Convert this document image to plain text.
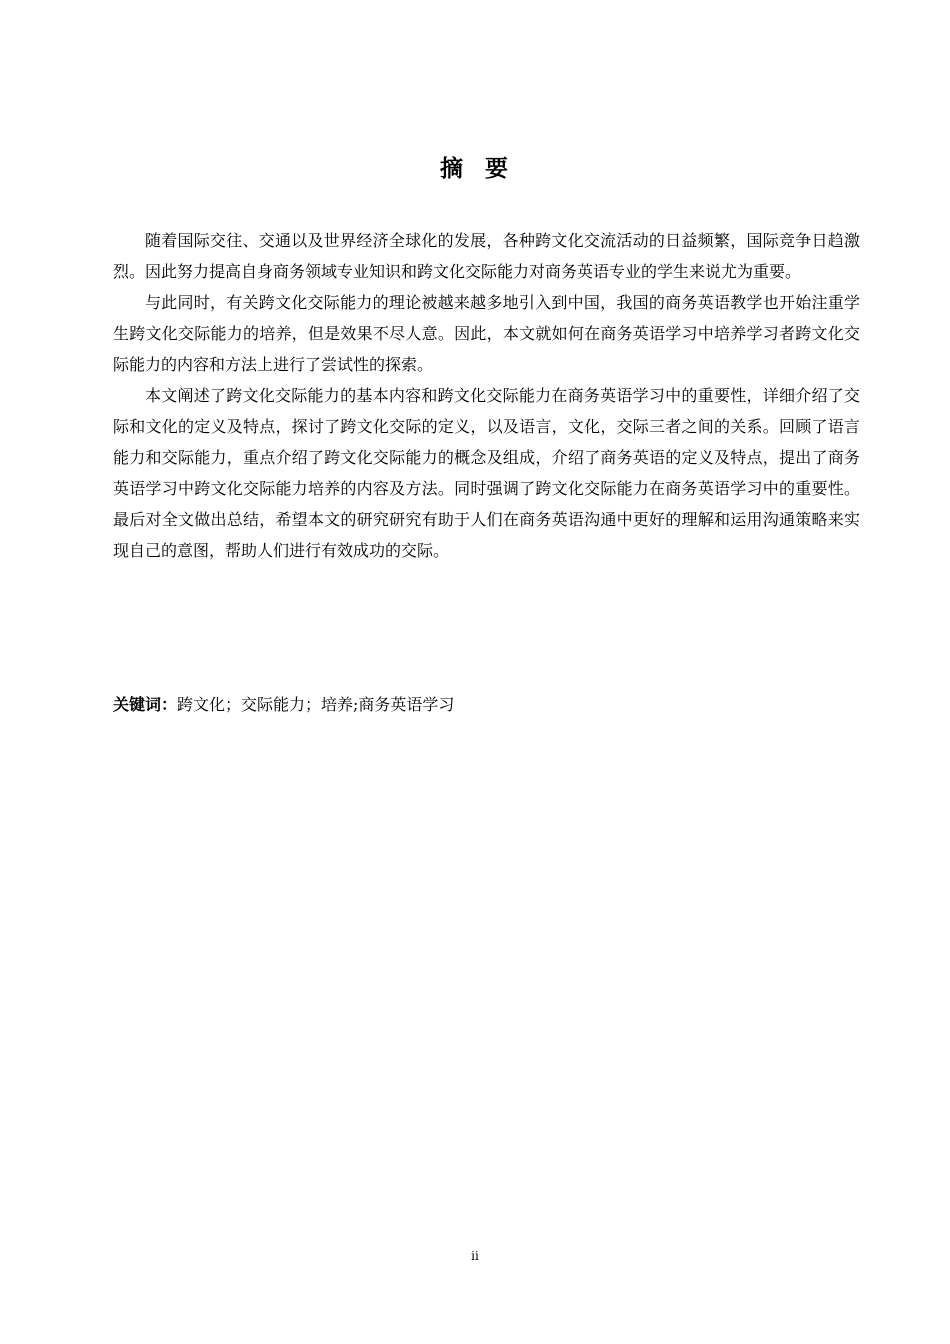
摘 要

随着国际交往、交通以及世界经济全球化的发展，各种跨文化交流活动的日益频繁，国际竞争日趋激烈。因此努力提高自身商务领域专业知识和跨文化交际能力对商务英语专业的学生来说尤为重要。

与此同时，有关跨文化交际能力的理论被越来越多地引入到中国，我国的商务英语教学也开始注重学生跨文化交际能力的培养，但是效果不尽人意。因此，本文就如何在商务英语学习中培养学习者跨文化交际能力的内容和方法上进行了尝试性的探索。

本文阐述了跨文化交际能力的基本内容和跨文化交际能力在商务英语学习中的重要性，详细介绍了交际和文化的定义及特点，探讨了跨文化交际的定义，以及语言，文化，交际三者之间的关系。回顾了语言能力和交际能力，重点介绍了跨文化交际能力的概念及组成，介绍了商务英语的定义及特点，提出了商务英语学习中跨文化交际能力培养的内容及方法。同时强调了跨文化交际能力在商务英语学习中的重要性。最后对全文做出总结，希望本文的研究研究有助于人们在商务英语沟通中更好的理解和运用沟通策略来实现自己的意图，帮助人们进行有效成功的交际。

关键词：跨文化；交际能力；培养;商务英语学习
ii
